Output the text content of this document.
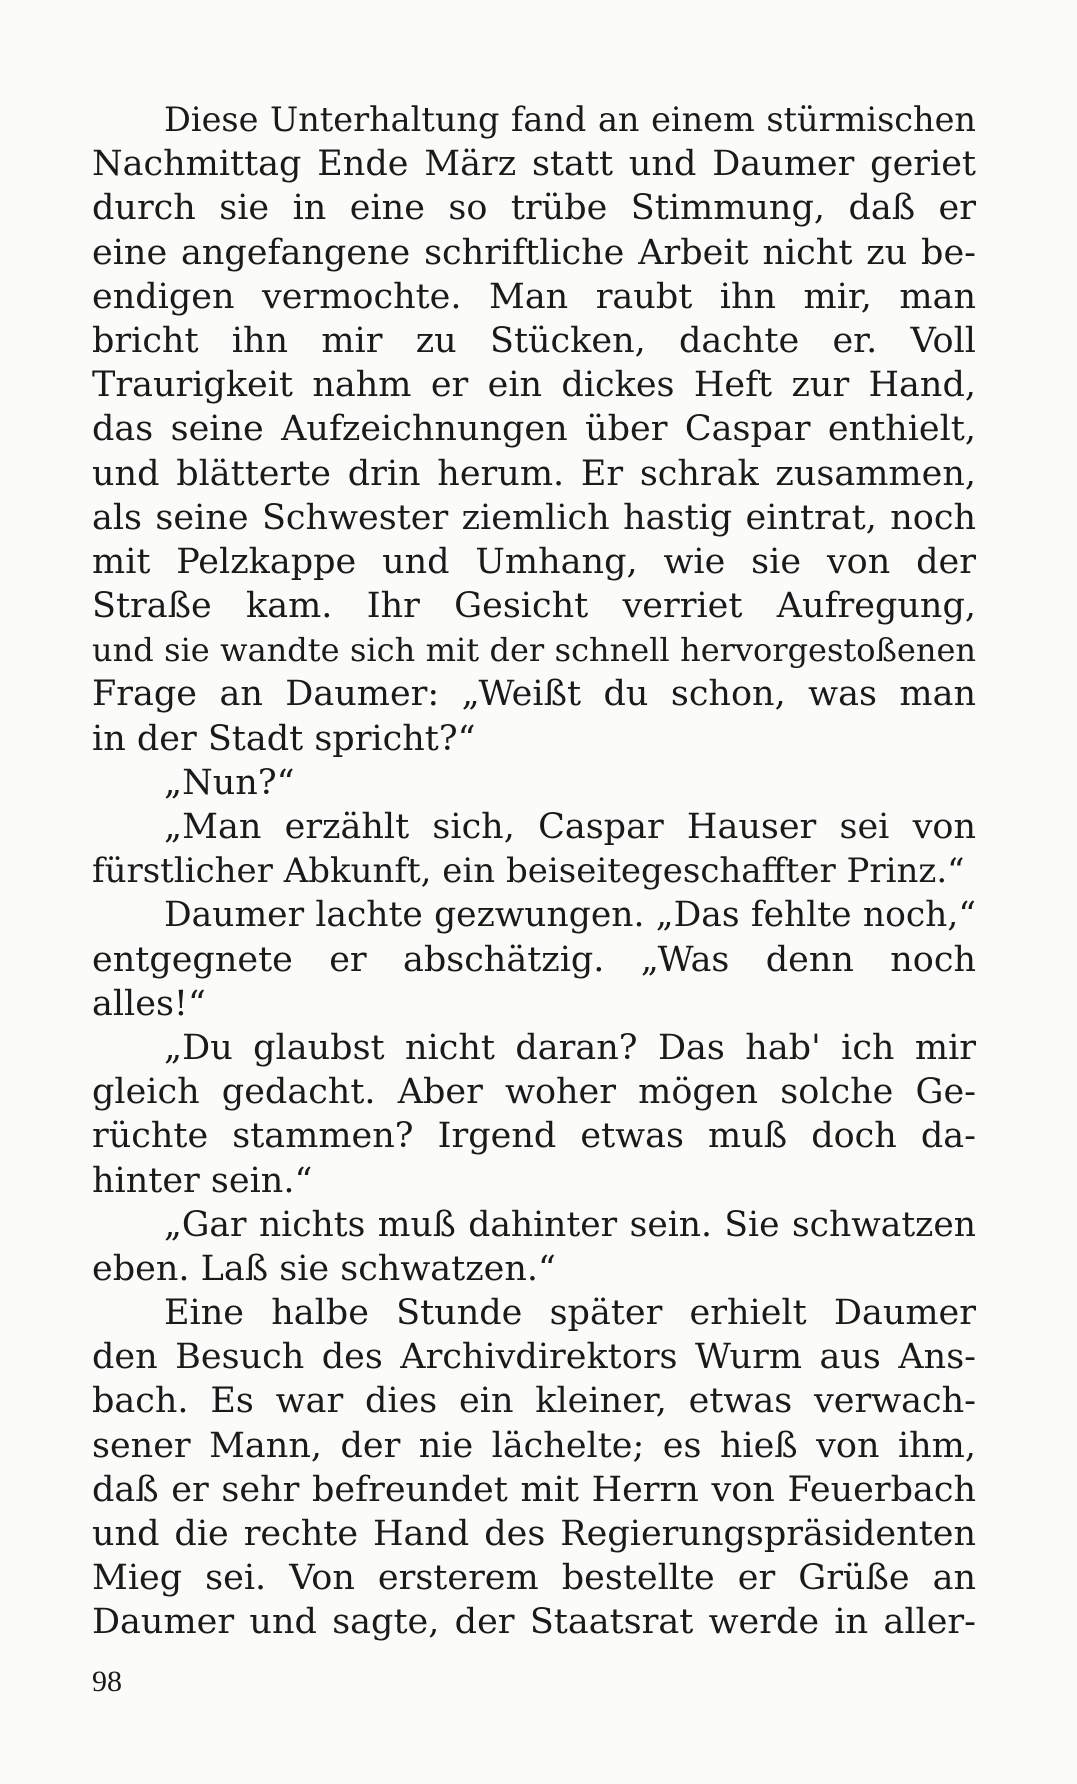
Diese Unterhaltung fand an einem stürmischen
Nachmittag Ende März statt und Daumer geriet
durch sie in eine so trübe Stimmung, daß er
eine angefangene schriftliche Arbeit nicht zu be-
endigen vermochte. Man raubt ihn mir, man
bricht ihn mir zu Stücken, dachte er. Voll
Traurigkeit nahm er ein dickes Heft zur Hand,
das seine Aufzeichnungen über Caspar enthielt,
und blätterte drin herum. Er schrak zusammen,
als seine Schwester ziemlich hastig eintrat, noch
mit Pelzkappe und Umhang, wie sie von der
Straße kam. Ihr Gesicht verriet Aufregung,
und sie wandte sich mit der schnell hervorgestoßenen
Frage an Daumer: „Weißt du schon, was man
in der Stadt spricht?“
„Nun?“
„Man erzählt sich, Caspar Hauser sei von
fürstlicher Abkunft, ein beiseitegeschaffter Prinz.“
Daumer lachte gezwungen. „Das fehlte noch,“
entgegnete er abschätzig. „Was denn noch
alles!“
„Du glaubst nicht daran? Das hab' ich mir
gleich gedacht. Aber woher mögen solche Ge-
rüchte stammen? Irgend etwas muß doch da-
hinter sein.“
„Gar nichts muß dahinter sein. Sie schwatzen
eben. Laß sie schwatzen.“
Eine halbe Stunde später erhielt Daumer
den Besuch des Archivdirektors Wurm aus Ans-
bach. Es war dies ein kleiner, etwas verwach-
sener Mann, der nie lächelte; es hieß von ihm,
daß er sehr befreundet mit Herrn von Feuerbach
und die rechte Hand des Regierungspräsidenten
Mieg sei. Von ersterem bestellte er Grüße an
Daumer und sagte, der Staatsrat werde in aller-
98
